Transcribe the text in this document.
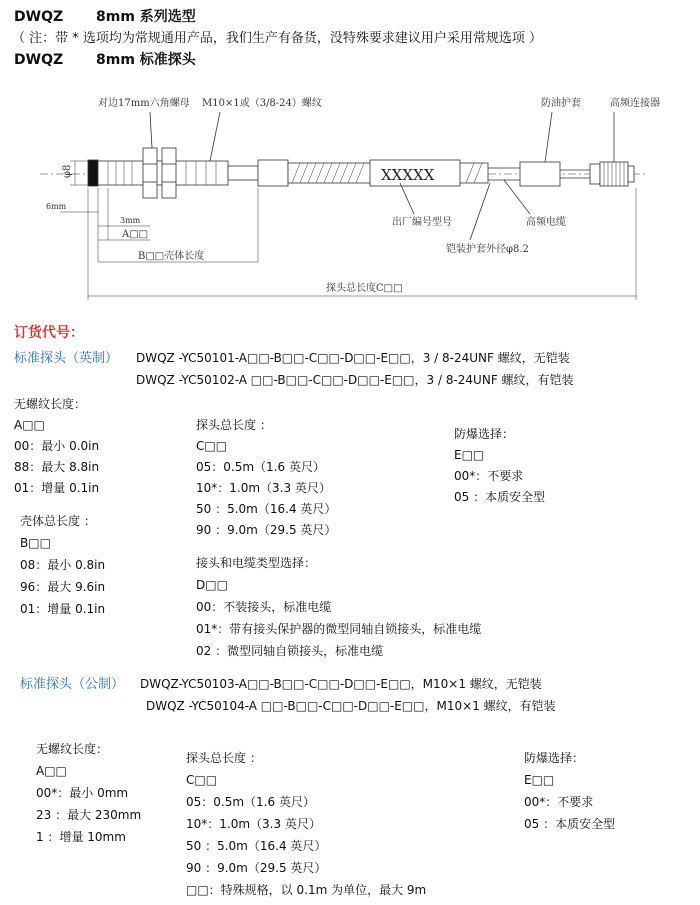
DWQZ 8mm 系列选型
（ 注：带 * 选项均为常规通用产品，我们生产有备货，没特殊要求建议用户采用常规选项 ）
DWQZ 8mm 标准探头
对边17mm六角螺母 M10×1或（3/8-24）螺纹	防油护套	高频连接器
φ8
6mm
3mm
A□□
B□□壳体长度
XXXXX
出厂编号型号	高频电缆
铠装护套外径φ8.2
探头总长度C□□
订货代号：
标准探头（英制） DWQZ -YC50101-A□□-B□□-C□□-D□□-E□□，3 / 8-24UNF 螺纹，无铠装
DWQZ -YC50102-A □□-B□□-C□□-D□□-E□□，3 / 8-24UNF 螺纹，有铠装
无螺纹长度：
A□□
00：最小 0.0in
88：最大 8.8in
01：增量 0.1in
壳体总长度 ：
B□□
08：最小 0.8in
96：最大 9.6in
01：增量 0.1in
探头总长度 ：
C□□
05：0.5m（1.6 英尺）
10*：1.0m（3.3 英尺）
50 ：5.0m（16.4 英尺）
90 ：9.0m（29.5 英尺）
接头和电缆类型选择：
D□□
00：不装接头，标准电缆
01*：带有接头保护器的微型同轴自锁接头，标准电缆
02 ：微型同轴自锁接头，标准电缆
防爆选择：
E□□
00*：不要求
05 ：本质安全型
标准探头（公制） DWQZ-YC50103-A□□-B□□-C□□-D□□-E□□，M10×1 螺纹，无铠装
DWQZ -YC50104-A □□-B□□-C□□-D□□-E□□，M10×1 螺纹，有铠装
无螺纹长度：
A□□
00*：最小 0mm
23 ：最大 230mm
1 ：增量 10mm
探头总长度 ：
C□□
05：0.5m（1.6 英尺）
10*：1.0m（3.3 英尺）
50 ：5.0m（16.4 英尺）
90 ：9.0m（29.5 英尺）
□□：特殊规格，以 0.1m 为单位，最大 9m
防爆选择：
E□□
00*：不要求
05 ：本质安全型
